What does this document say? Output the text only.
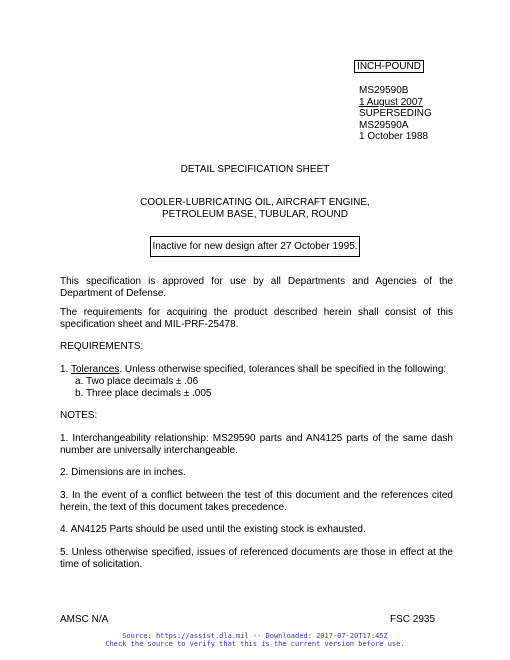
INCH-POUND
MS29590B
1 August 2007
SUPERSEDING
MS29590A
1 October 1988
DETAIL SPECIFICATION SHEET
COOLER-LUBRICATING OIL, AIRCRAFT ENGINE,
PETROLEUM BASE, TUBULAR, ROUND
Inactive for new design after 27 October 1995.
This specification is approved for use by all Departments and Agencies of the Department of Defense.
The requirements for acquiring the product described herein shall consist of this specification sheet and MIL-PRF-25478.
REQUIREMENTS:
1. Tolerances. Unless otherwise specified, tolerances shall be specified in the following:
a. Two place decimals ± .06
b. Three place decimals ± .005
NOTES:
1. Interchangeability relationship: MS29590 parts and AN4125 parts of the same dash number are universally interchangeable.
2. Dimensions are in inches.
3. In the event of a conflict between the test of this document and the references cited herein, the text of this document takes precedence.
4. AN4125 Parts should be used until the existing stock is exhausted.
5. Unless otherwise specified, issues of referenced documents are those in effect at the time of solicitation.
AMSC N/A	FSC 2935
Source: https://assist.dla.mil -- Downloaded: 2017-07-20T17:45Z
Check the source to verify that this is the current version before use.
